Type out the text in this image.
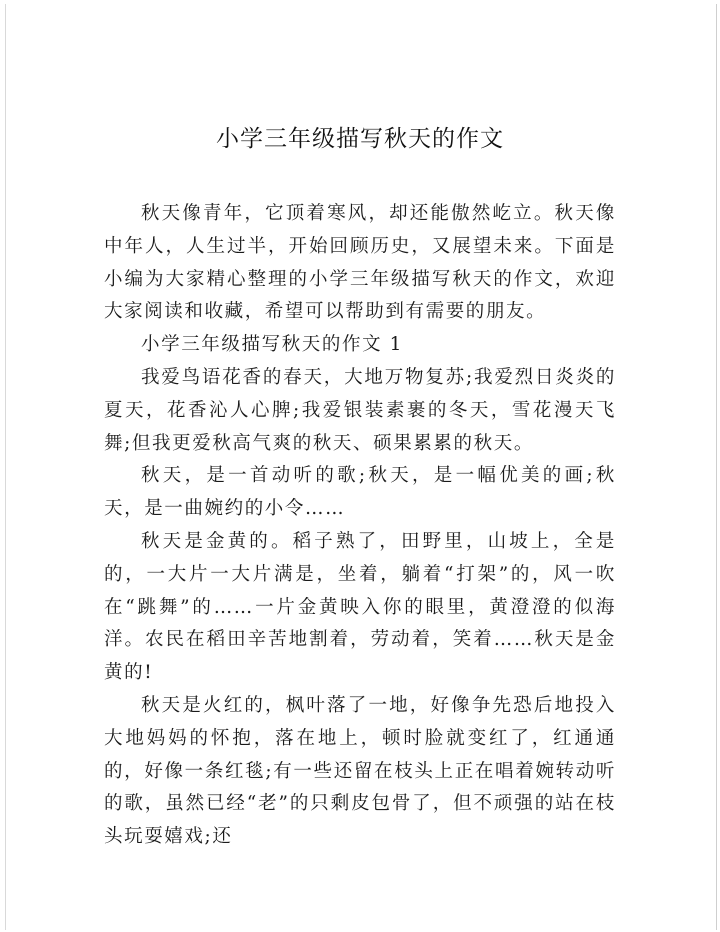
小学三年级描写秋天的作文

秋天像青年，它顶着寒风，却还能傲然屹立。秋天像中年人，人生过半，开始回顾历史，又展望未来。下面是小编为大家精心整理的小学三年级描写秋天的作文，欢迎大家阅读和收藏，希望可以帮助到有需要的朋友。

小学三年级描写秋天的作文 1

我爱鸟语花香的春天，大地万物复苏;我爱烈日炎炎的夏天，花香沁人心脾;我爱银装素裹的冬天，雪花漫天飞舞;但我更爱秋高气爽的秋天、硕果累累的秋天。

秋天，是一首动听的歌;秋天，是一幅优美的画;秋天，是一曲婉约的小令……

秋天是金黄的。稻子熟了，田野里，山坡上，全是的，一大片一大片满是，坐着，躺着“打架”的，风一吹在“跳舞”的……一片金黄映入你的眼里，黄澄澄的似海洋。农民在稻田辛苦地割着，劳动着，笑着……秋天是金黄的!

秋天是火红的，枫叶落了一地，好像争先恐后地投入大地妈妈的怀抱，落在地上，顿时脸就变红了，红通通的，好像一条红毯;有一些还留在枝头上正在唱着婉转动听的歌，虽然已经“老”的只剩皮包骨了，但不顽强的站在枝头玩耍嬉戏;还
